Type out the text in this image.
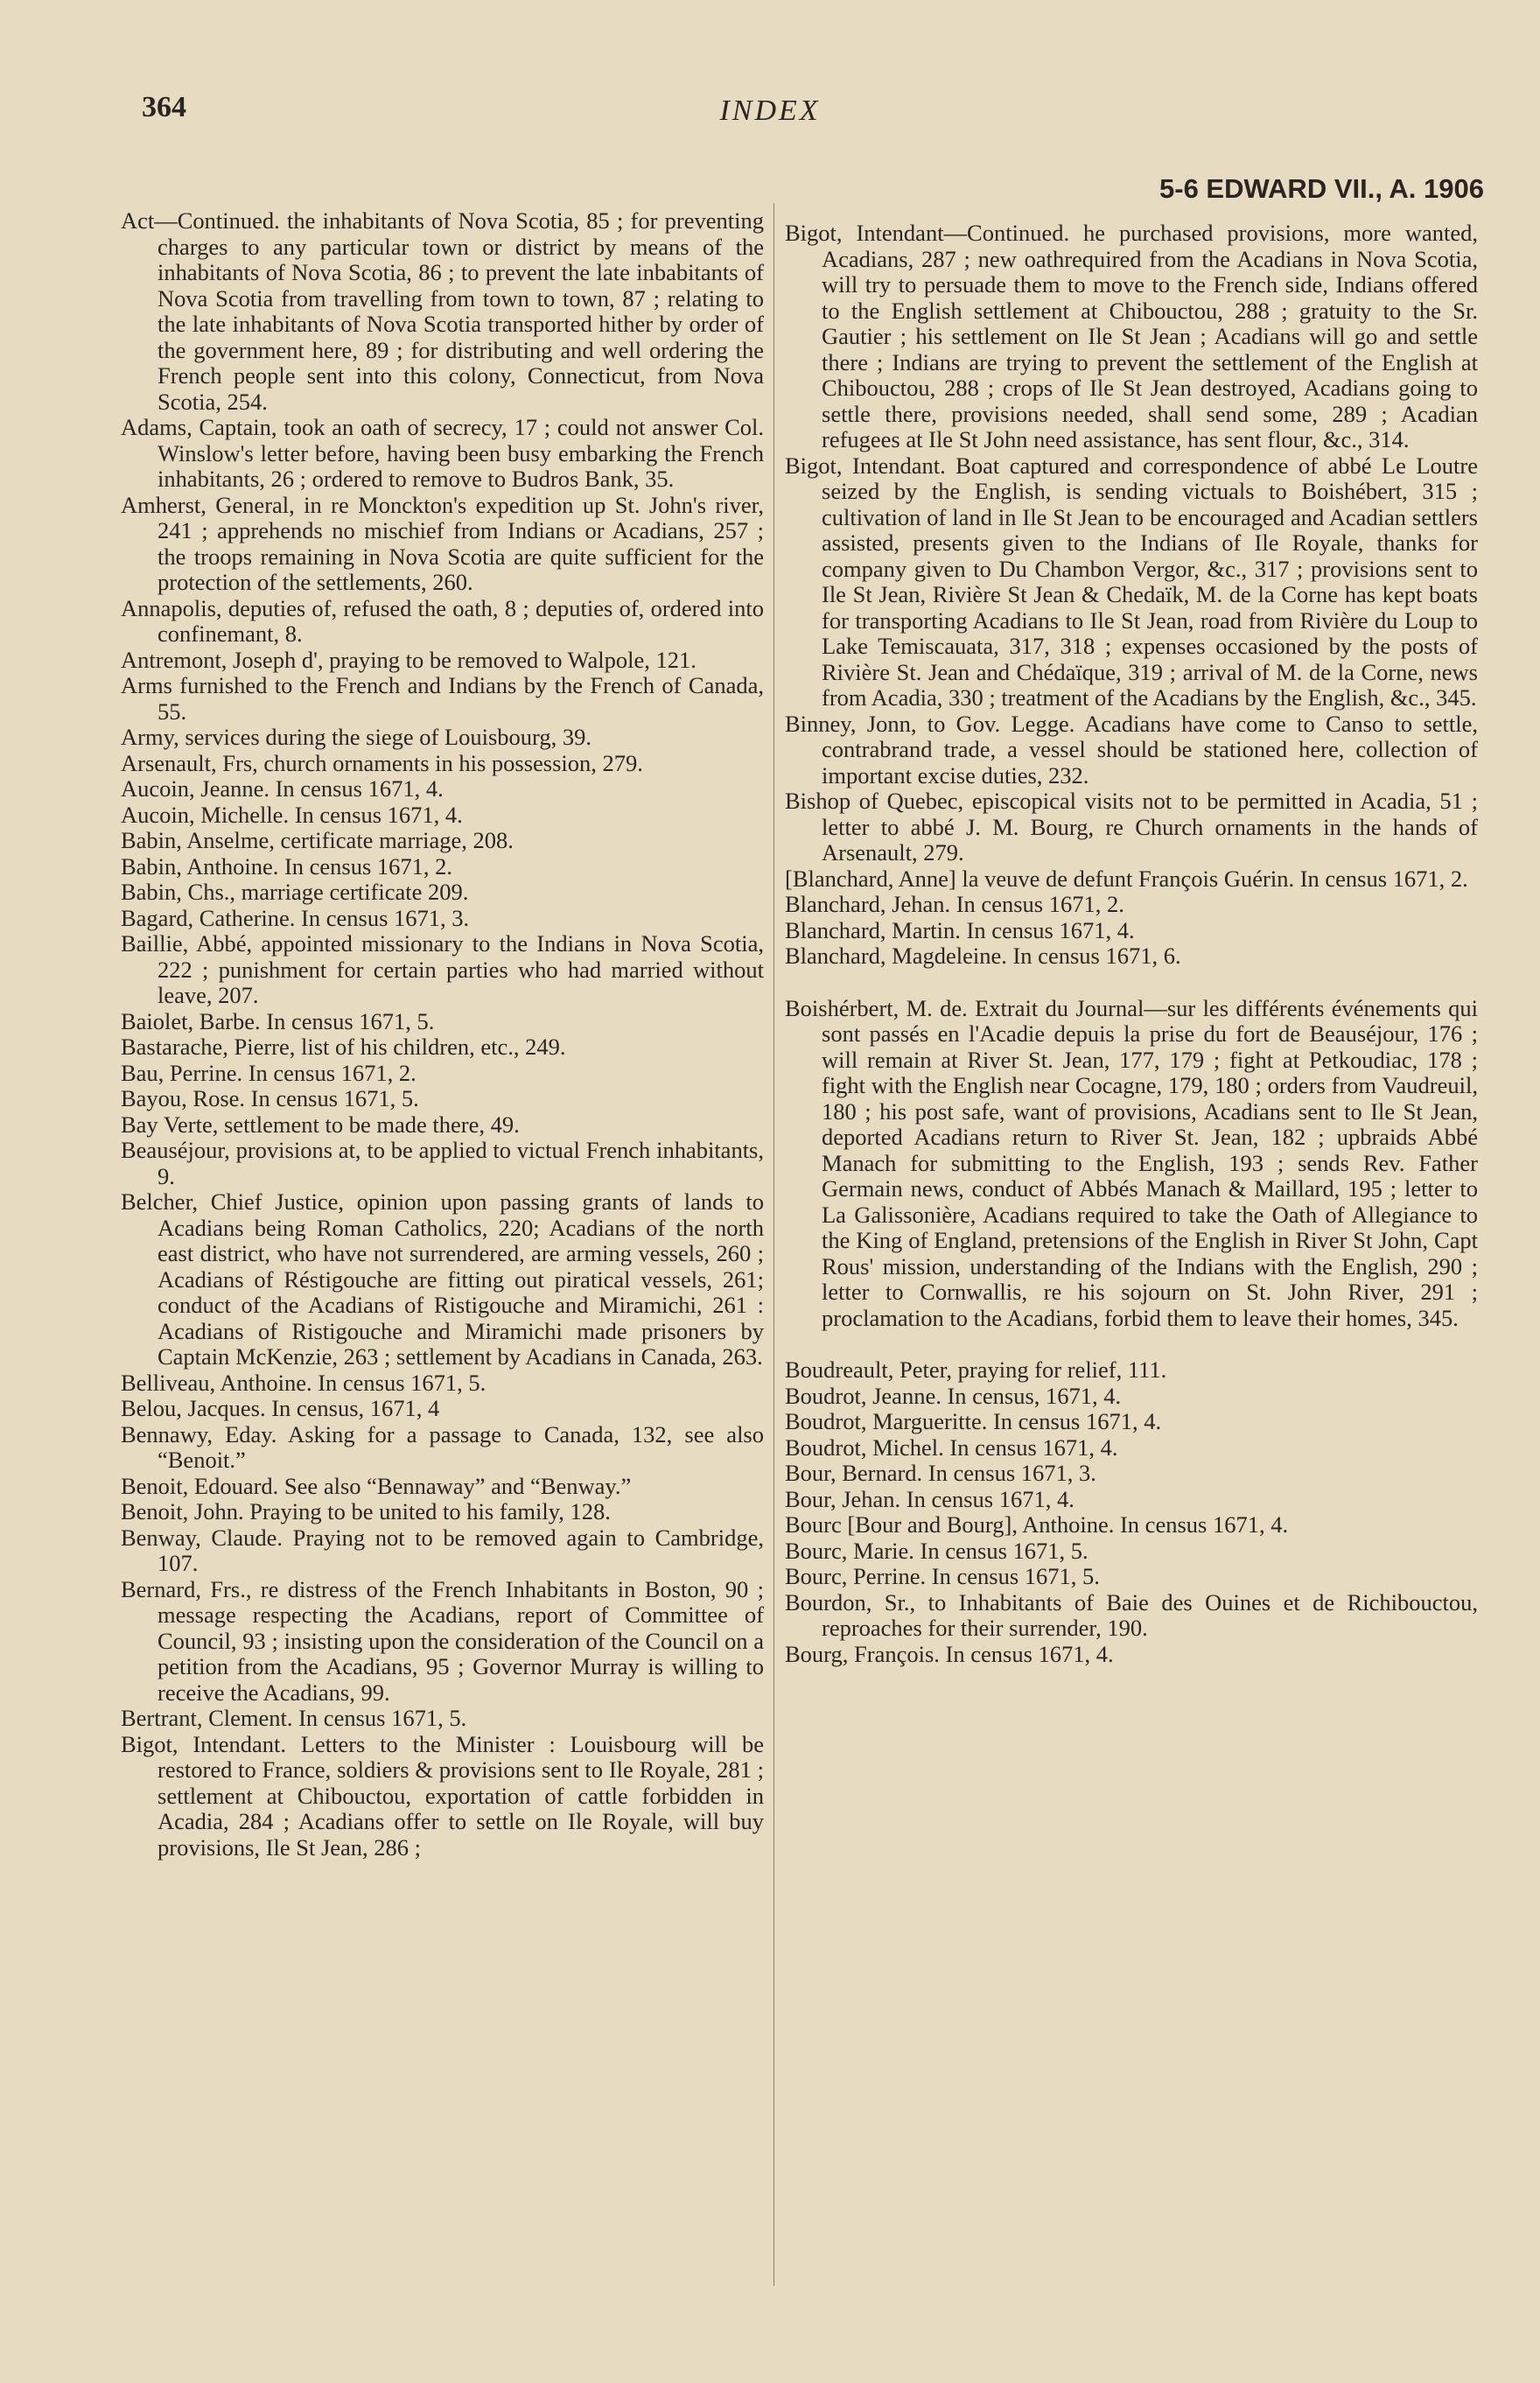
364	INDEX
5-6 EDWARD VII., A. 1906

Act—Continued. the inhabitants of Nova Scotia, 85 ; for preventing charges to any particular town or district by means of the inhabitants of Nova Scotia, 86 ; to prevent the late inbabitants of Nova Scotia from travelling from town to town, 87 ; relating to the late inhabitants of Nova Scotia transported hither by order of the government here, 89 ; for distributing and well ordering the French people sent into this colony, Connecticut, from Nova Scotia, 254.

Adams, Captain, took an oath of secrecy, 17 ; could not answer Col. Winslow's letter before, having been busy embarking the French inhabitants, 26 ; ordered to remove to Budros Bank, 35.

Amherst, General, in re Monckton's expedition up St. John's river, 241 ; apprehends no mischief from Indians or Acadians, 257 ; the troops remaining in Nova Scotia are quite sufficient for the protection of the settlements, 260.

Annapolis, deputies of, refused the oath, 8 ; deputies of, ordered into confinemant, 8.

Antremont, Joseph d', praying to be removed to Walpole, 121.

Arms furnished to the French and Indians by the French of Canada, 55.

Army, services during the siege of Louisbourg, 39.

Arsenault, Frs, church ornaments in his possession, 279.

Aucoin, Jeanne. In census 1671, 4.

Aucoin, Michelle. In census 1671, 4.

Babin, Anselme, certificate marriage, 208.

Babin, Anthoine. In census 1671, 2.

Babin, Chs., marriage certificate 209.

Bagard, Catherine. In census 1671, 3.

Baillie, Abbé, appointed missionary to the Indians in Nova Scotia, 222 ; punishment for certain parties who had married without leave, 207.

Baiolet, Barbe. In census 1671, 5.

Bastarache, Pierre, list of his children, etc., 249.

Bau, Perrine. In census 1671, 2.

Bayou, Rose. In census 1671, 5.

Bay Verte, settlement to be made there, 49.

Beauséjour, provisions at, to be applied to victual French inhabitants, 9.

Belcher, Chief Justice, opinion upon passing grants of lands to Acadians being Roman Catholics, 220; Acadians of the north east district, who have not surrendered, are arming vessels, 260 ; Acadians of Réstigouche are fitting out piratical vessels, 261; conduct of the Acadians of Ristigouche and Miramichi, 261 : Acadians of Ristigouche and Miramichi made prisoners by Captain McKenzie, 263 ; settlement by Acadians in Canada, 263.

Belliveau, Anthoine. In census 1671, 5.

Belou, Jacques. In census, 1671, 4

Bennawy, Eday. Asking for a passage to Canada, 132, see also “Benoit.”

Benoit, Edouard. See also “Bennaway” and “Benway.”

Benoit, John. Praying to be united to his family, 128.

Benway, Claude. Praying not to be removed again to Cambridge, 107.

Bernard, Frs., re distress of the French Inhabitants in Boston, 90 ; message respecting the Acadians, report of Committee of Council, 93 ; insisting upon the consideration of the Council on a petition from the Acadians, 95 ; Governor Murray is willing to receive the Acadians, 99.

Bertrant, Clement. In census 1671, 5.

Bigot, Intendant. Letters to the Minister : Louisbourg will be restored to France, soldiers & provisions sent to Ile Royale, 281 ; settlement at Chibouctou, exportation of cattle forbidden in Acadia, 284 ; Acadians offer to settle on Ile Royale, will buy provisions, Ile St Jean, 286 ;

Bigot, Intendant—Continued. he purchased provisions, more wanted, Acadians, 287 ; new oathrequired from the Acadians in Nova Scotia, will try to persuade them to move to the French side, Indians offered to the English settlement at Chibouctou, 288 ; gratuity to the Sr. Gautier ; his settlement on Ile St Jean ; Acadians will go and settle there ; Indians are trying to prevent the settlement of the English at Chibouctou, 288 ; crops of Ile St Jean destroyed, Acadians going to settle there, provisions needed, shall send some, 289 ; Acadian refugees at Ile St John need assistance, has sent flour, &c., 314.

Bigot, Intendant. Boat captured and correspondence of abbé Le Loutre seized by the English, is sending victuals to Boishébert, 315 ; cultivation of land in Ile St Jean to be encouraged and Acadian settlers assisted, presents given to the Indians of Ile Royale, thanks for company given to Du Chambon Vergor, &c., 317 ; provisions sent to Ile St Jean, Rivière St Jean & Chedaïk, M. de la Corne has kept boats for transporting Acadians to Ile St Jean, road from Rivière du Loup to Lake Temiscauata, 317, 318 ; expenses occasioned by the posts of Rivière St. Jean and Chédaïque, 319 ; arrival of M. de la Corne, news from Acadia, 330 ; treatment of the Acadians by the English, &c., 345.

Binney, Jonn, to Gov. Legge. Acadians have come to Canso to settle, contrabrand trade, a vessel should be stationed here, collection of important excise duties, 232.

Bishop of Quebec, episcopical visits not to be permitted in Acadia, 51 ; letter to abbé J. M. Bourg, re Church ornaments in the hands of Arsenault, 279.

[Blanchard, Anne] la veuve de defunt François Guérin. In census 1671, 2.

Blanchard, Jehan. In census 1671, 2.

Blanchard, Martin. In census 1671, 4.

Blanchard, Magdeleine. In census 1671, 6.

Boishérbert, M. de. Extrait du Journal—sur les différents événements qui sont passés en l'Acadie depuis la prise du fort de Beauséjour, 176 ; will remain at River St. Jean, 177, 179 ; fight at Petkoudiac, 178 ; fight with the English near Cocagne, 179, 180 ; orders from Vaudreuil, 180 ; his post safe, want of provisions, Acadians sent to Ile St Jean, deported Acadians return to River St. Jean, 182 ; upbraids Abbé Manach for submitting to the English, 193 ; sends Rev. Father Germain news, conduct of Abbés Manach & Maillard, 195 ; letter to La Galissonière, Acadians required to take the Oath of Allegiance to the King of England, pretensions of the English in River St John, Capt Rous' mission, understanding of the Indians with the English, 290 ; letter to Cornwallis, re his sojourn on St. John River, 291 ; proclamation to the Acadians, forbid them to leave their homes, 345.

Boudreault, Peter, praying for relief, 111.

Boudrot, Jeanne. In census, 1671, 4.

Boudrot, Margueritte. In census 1671, 4.

Boudrot, Michel. In census 1671, 4.

Bour, Bernard. In census 1671, 3.

Bour, Jehan. In census 1671, 4.

Bourc [Bour and Bourg], Anthoine. In census 1671, 4.

Bourc, Marie. In census 1671, 5.

Bourc, Perrine. In census 1671, 5.

Bourdon, Sr., to Inhabitants of Baie des Ouines et de Richibouctou, reproaches for their surrender, 190.

Bourg, François. In census 1671, 4.
